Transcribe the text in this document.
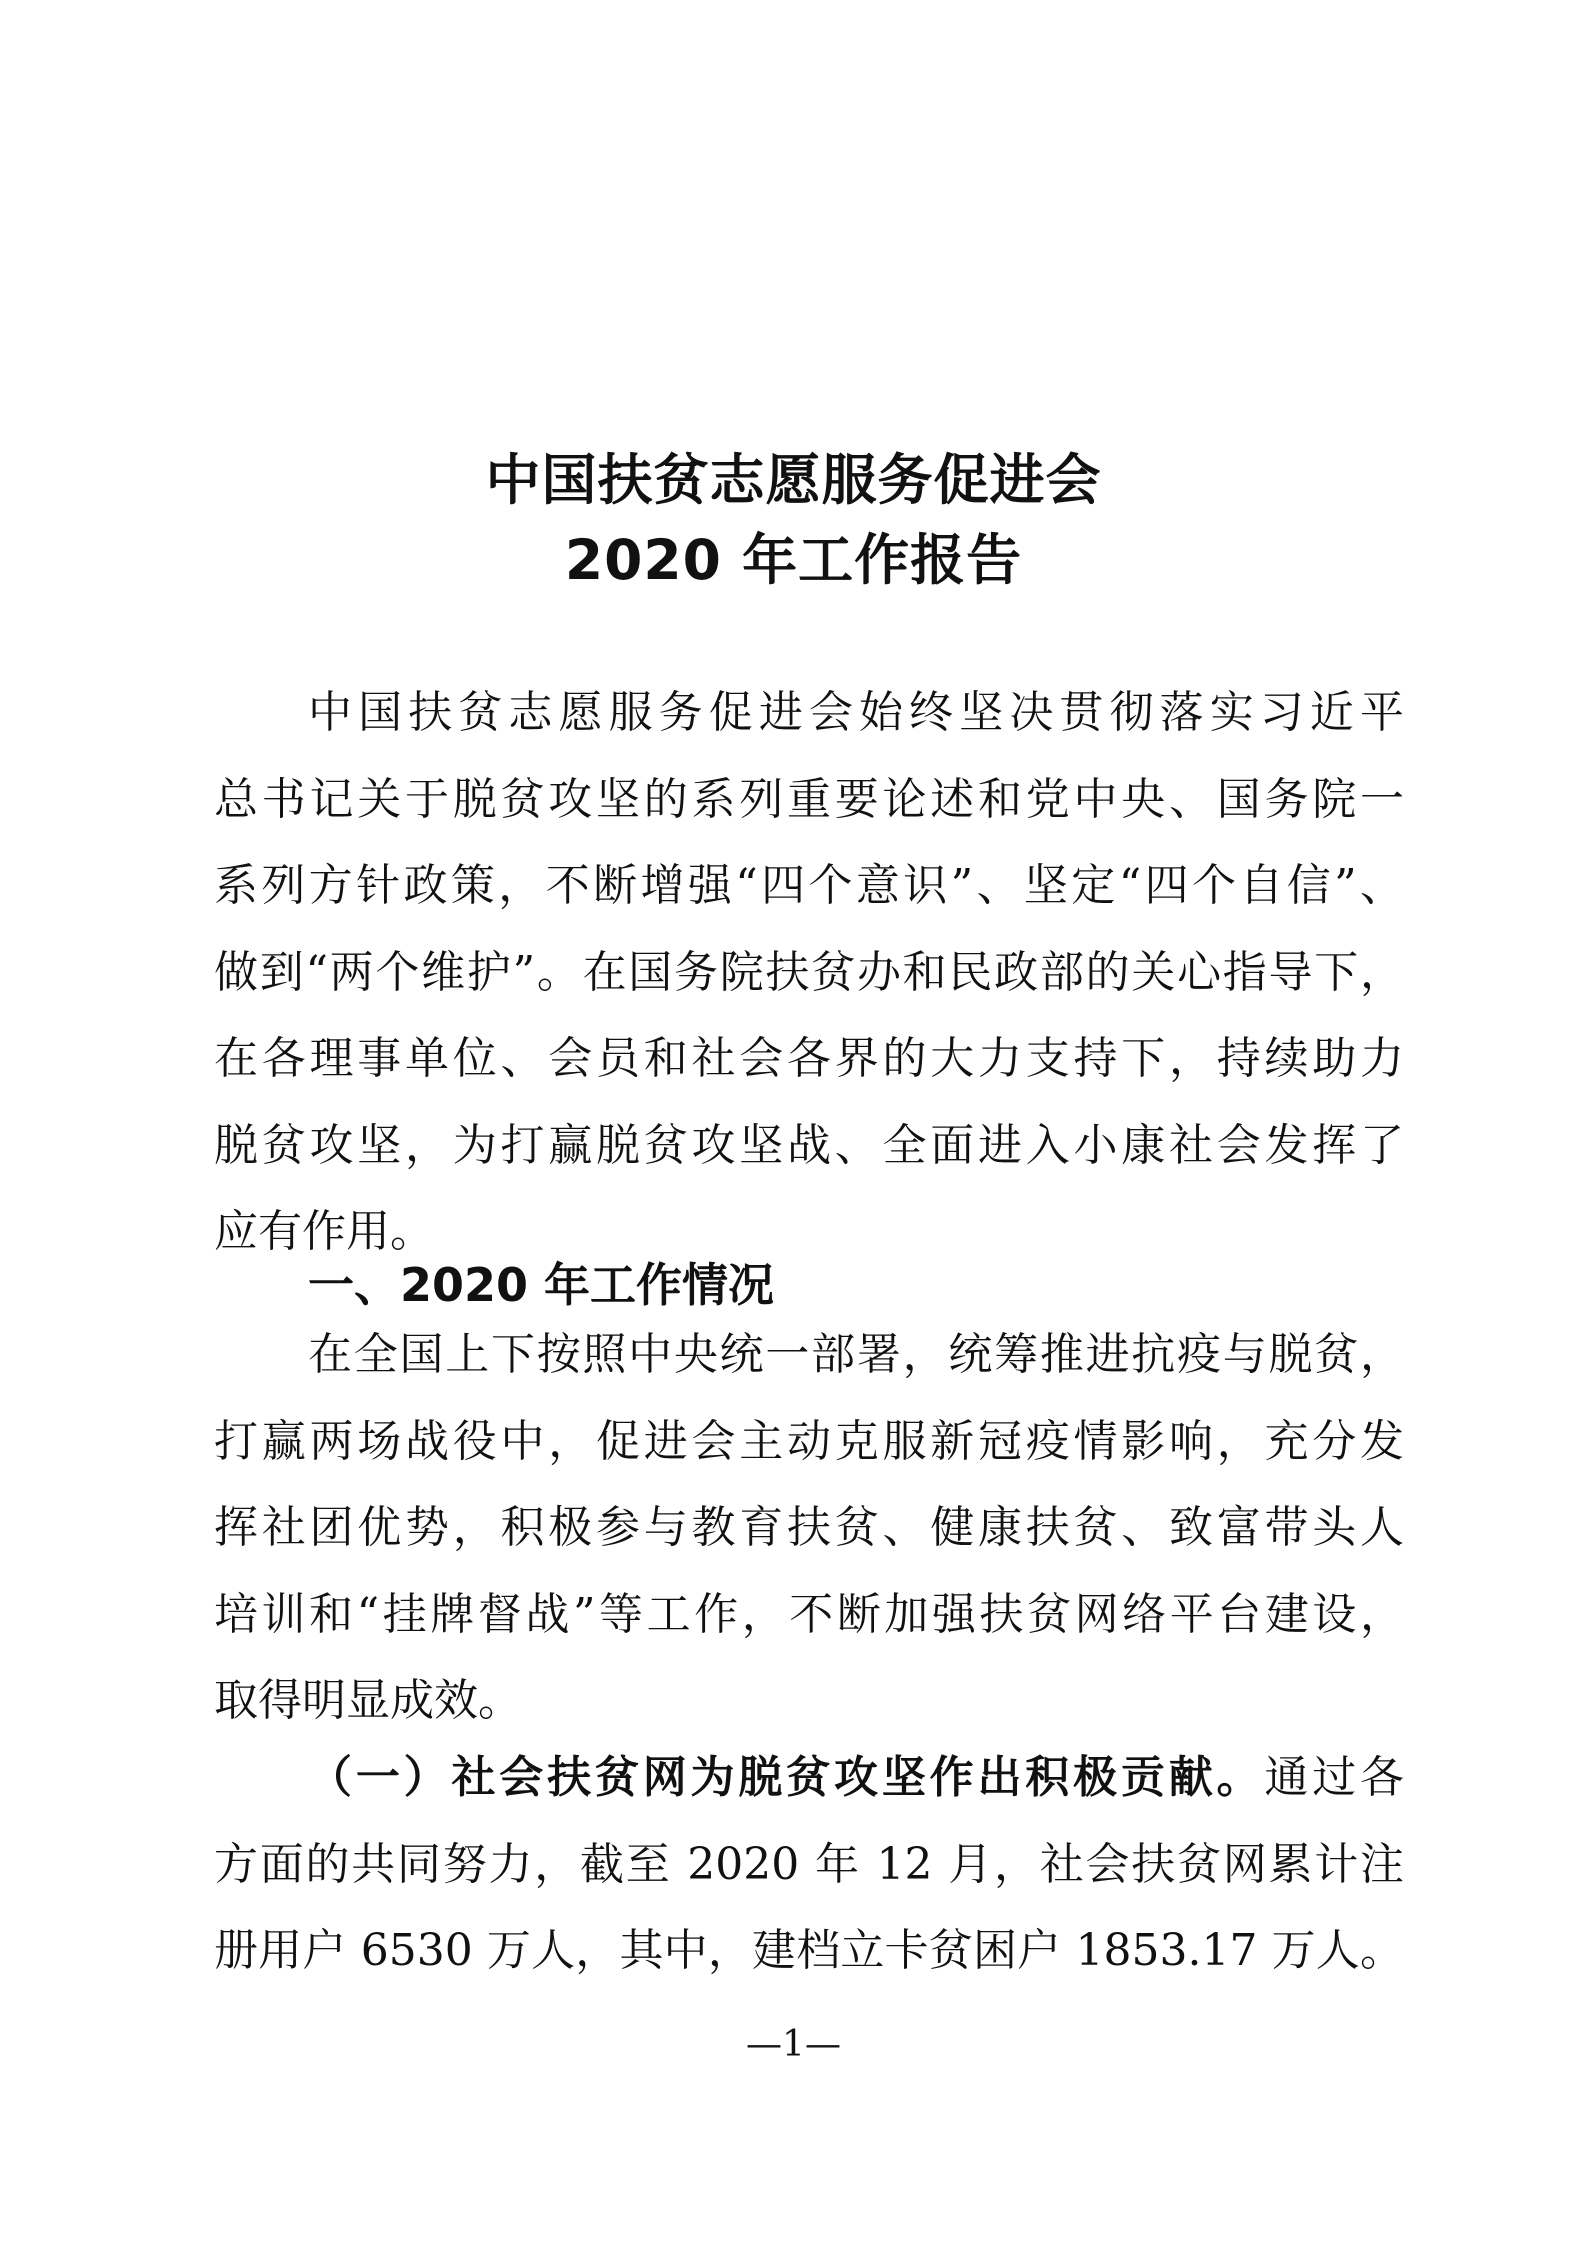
中国扶贫志愿服务促进会
2020 年工作报告
中国扶贫志愿服务促进会始终坚决贯彻落实习近平
总书记关于脱贫攻坚的系列重要论述和党中央、国务院一
系列方针政策，不断增强“四个意识”、坚定“四个自信”、
做到“两个维护”。在国务院扶贫办和民政部的关心指导下，
在各理事单位、会员和社会各界的大力支持下，持续助力
脱贫攻坚，为打赢脱贫攻坚战、全面进入小康社会发挥了
应有作用。
一、2020 年工作情况
在全国上下按照中央统一部署，统筹推进抗疫与脱贫，
打赢两场战役中，促进会主动克服新冠疫情影响，充分发
挥社团优势，积极参与教育扶贫、健康扶贫、致富带头人
培训和“挂牌督战”等工作，不断加强扶贫网络平台建设，
取得明显成效。
（一）社会扶贫网为脱贫攻坚作出积极贡献。通过各
方面的共同努力，截至 2020 年 12 月，社会扶贫网累计注
册用户 6530 万人，其中，建档立卡贫困户 1853.17 万人。
—1—
